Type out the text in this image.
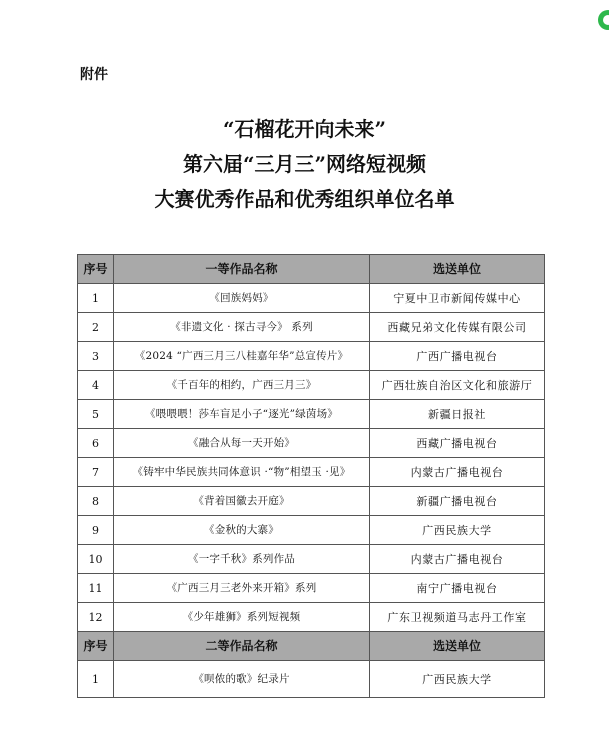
附件
“石榴花开向未来”
第六届“三月三”网络短视频
大赛优秀作品和优秀组织单位名单
序号	一等作品名称	选送单位
1	《回族妈妈》	宁夏中卫市新闻传媒中心
2	《非遗文化 · 探古寻今》 系列	西藏兄弟文化传媒有限公司
3	《2024 “广西三月三八桂嘉年华”总宣传片》	广西广播电视台
4	《千百年的相约，广西三月三》	广西壮族自治区文化和旅游厅
5	《喂喂喂！莎车盲足小子“逐光”绿茵场》	新疆日报社
6	《融合从每一天开始》	西藏广播电视台
7	《铸牢中华民族共同体意识 ·“物”相望玉 ·见》	内蒙古广播电视台
8	《背着国徽去开庭》	新疆广播电视台
9	《金秋的大寨》	广西民族大学
10	《一字千秋》系列作品	内蒙古广播电视台
11	《广西三月三老外来开箱》系列	南宁广播电视台
12	《少年雄狮》系列短视频	广东卫视频道马志丹工作室
序号	二等作品名称	选送单位
1	《呗侬的歌》纪录片	广西民族大学
